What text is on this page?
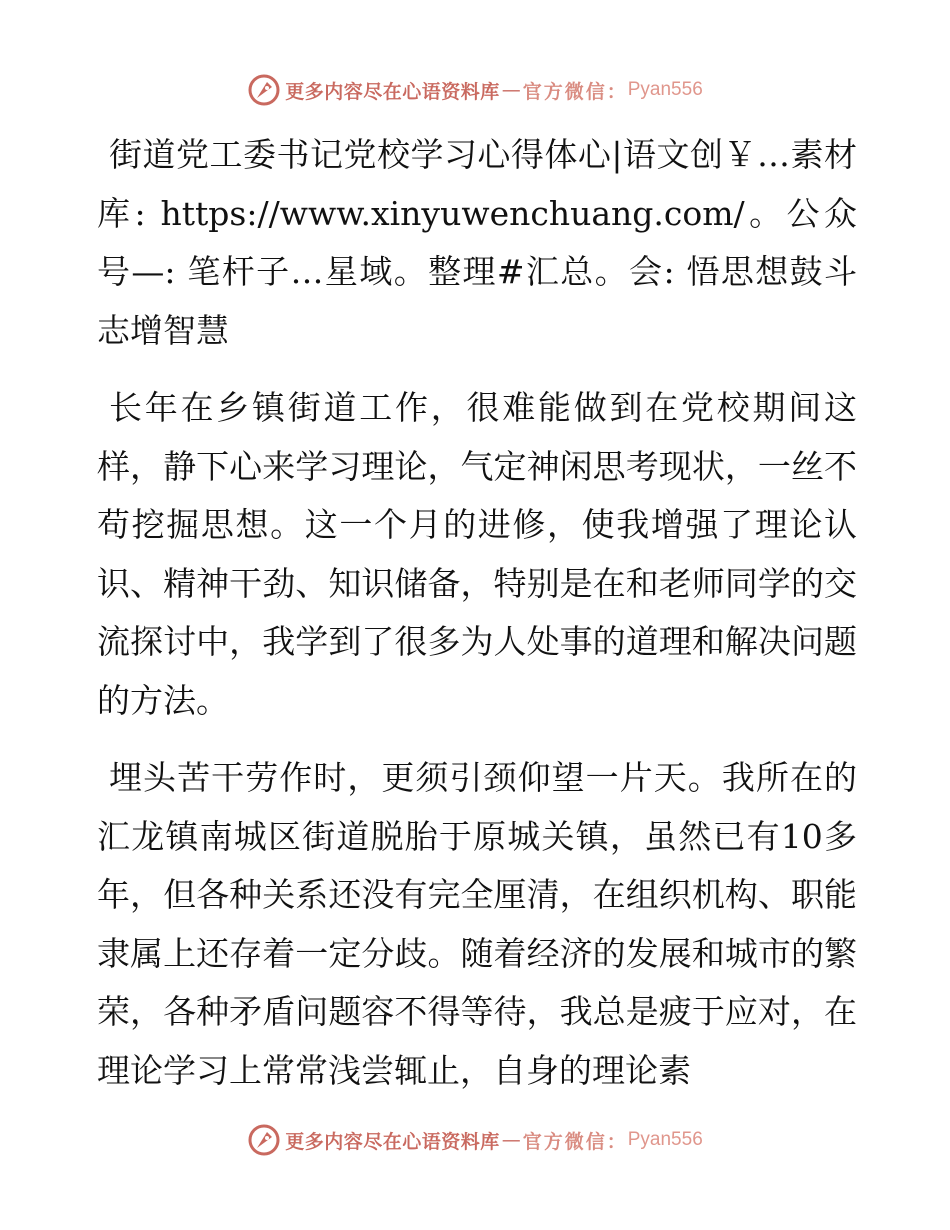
更多内容尽在心语资料库 — 官方微信： Pyan556

街道党工委书记党校学习心得体心|语文创￥…素材库: https://www.xinyuwenchuang.com/。公众号—: 笔杆子…星域。整理#汇总。会: 悟思想鼓斗志增智慧

长年在乡镇街道工作，很难能做到在党校期间这样，静下心来学习理论，气定神闲思考现状，一丝不苟挖掘思想。这一个月的进修，使我增强了理论认识、精神干劲、知识储备，特别是在和老师同学的交流探讨中，我学到了很多为人处事的道理和解决问题的方法。

埋头苦干劳作时，更须引颈仰望一片天。我所在的汇龙镇南城区街道脱胎于原城关镇，虽然已有10多年，但各种关系还没有完全厘清，在组织机构、职能隶属上还存着一定分歧。随着经济的发展和城市的繁荣，各种矛盾问题容不得等待，我总是疲于应对，在理论学习上常常浅尝辄止，自身的理论素

更多内容尽在心语资料库 — 官方微信： Pyan556
